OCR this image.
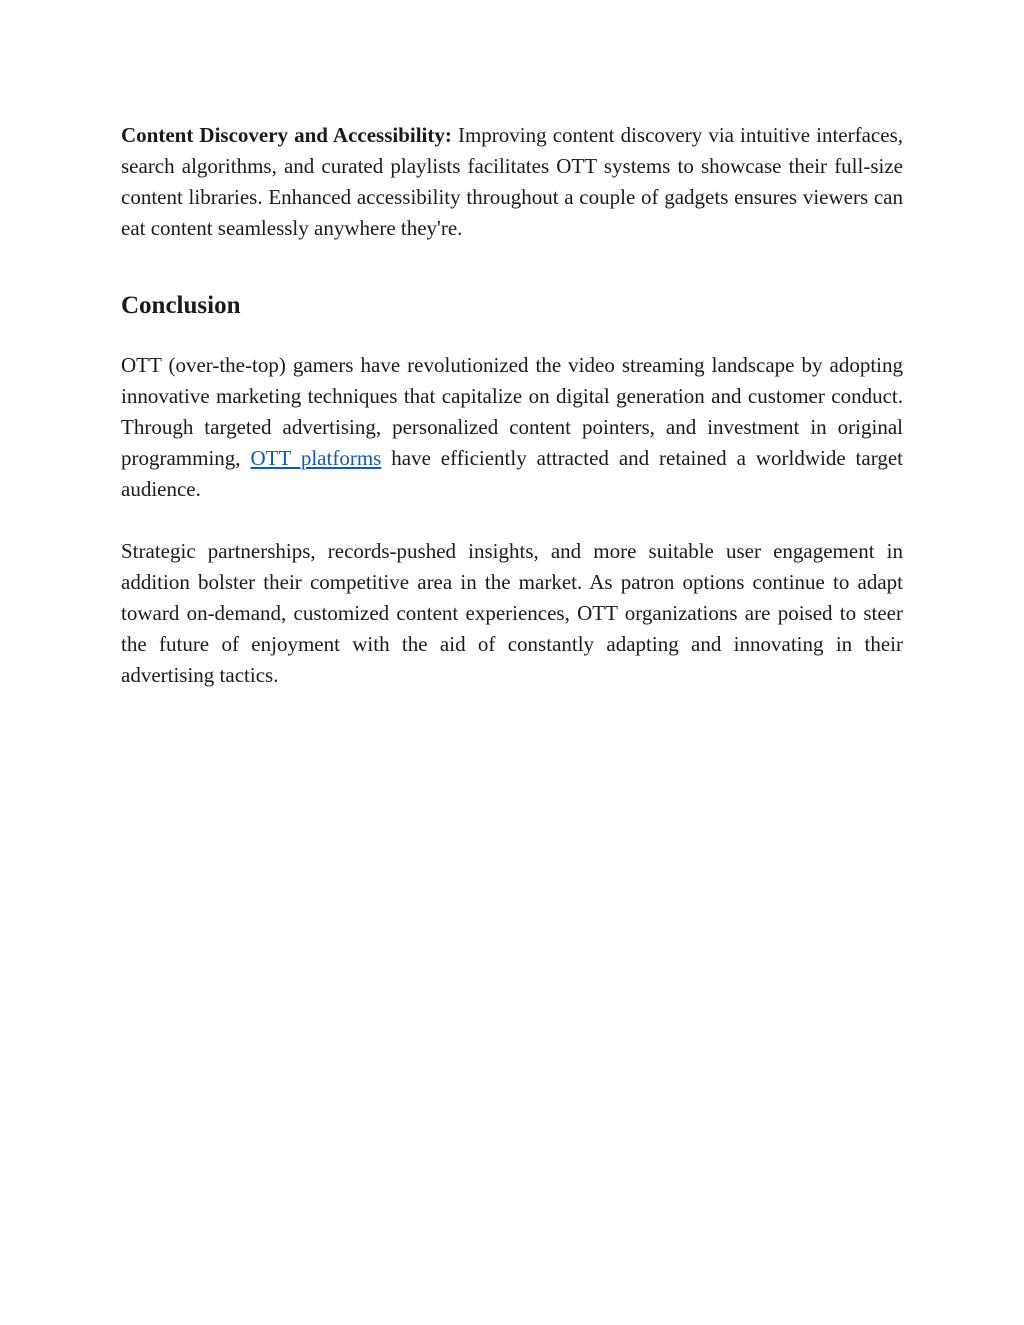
Content Discovery and Accessibility: Improving content discovery via intuitive interfaces, search algorithms, and curated playlists facilitates OTT systems to showcase their full-size content libraries. Enhanced accessibility throughout a couple of gadgets ensures viewers can eat content seamlessly anywhere they're.

Conclusion

OTT (over-the-top) gamers have revolutionized the video streaming landscape by adopting innovative marketing techniques that capitalize on digital generation and customer conduct. Through targeted advertising, personalized content pointers, and investment in original programming, OTT platforms have efficiently attracted and retained a worldwide target audience.

Strategic partnerships, records-pushed insights, and more suitable user engagement in addition bolster their competitive area in the market. As patron options continue to adapt toward on-demand, customized content experiences, OTT organizations are poised to steer the future of enjoyment with the aid of constantly adapting and innovating in their advertising tactics.
